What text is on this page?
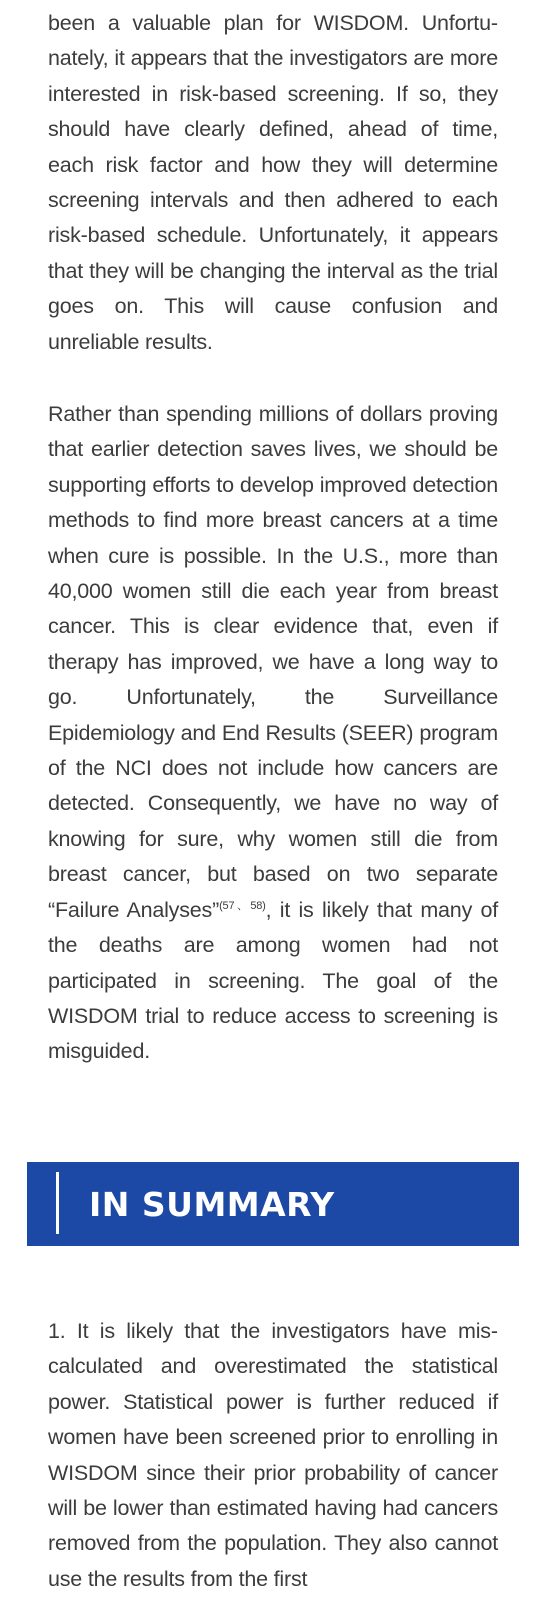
been a valuable plan for WISDOM. Unfortunately, it appears that the investigators are more interested in risk-based screening. If so, they should have clearly defined, ahead of time, each risk factor and how they will determine screening intervals and then adhered to each risk-based schedule. Unfortunately, it appears that they will be changing the interval as the trial goes on. This will cause confusion and unreliable results.

Rather than spending millions of dollars proving that earlier detection saves lives, we should be supporting efforts to develop improved detection methods to find more breast cancers at a time when cure is possible. In the U.S., more than 40,000 women still die each year from breast cancer. This is clear evidence that, even if therapy has improved, we have a long way to go. Unfortunately, the Surveillance Epidemiology and End Results (SEER) program of the NCI does not include how cancers are detected. Consequently, we have no way of knowing for sure, why women still die from breast cancer, but based on two separate “Failure Analyses”$^{(57、58)}$, it is likely that many of the deaths are among women had not participated in screening. The goal of the WISDOM trial to reduce access to screening is misguided.

IN SUMMARY

1. It is likely that the investigators have miscalculated and overestimated the statistical power. Statistical power is further reduced if women have been screened prior to enrolling in WISDOM since their prior probability of cancer will be lower than estimated having had cancers removed from the population. They also cannot use the results from the first
